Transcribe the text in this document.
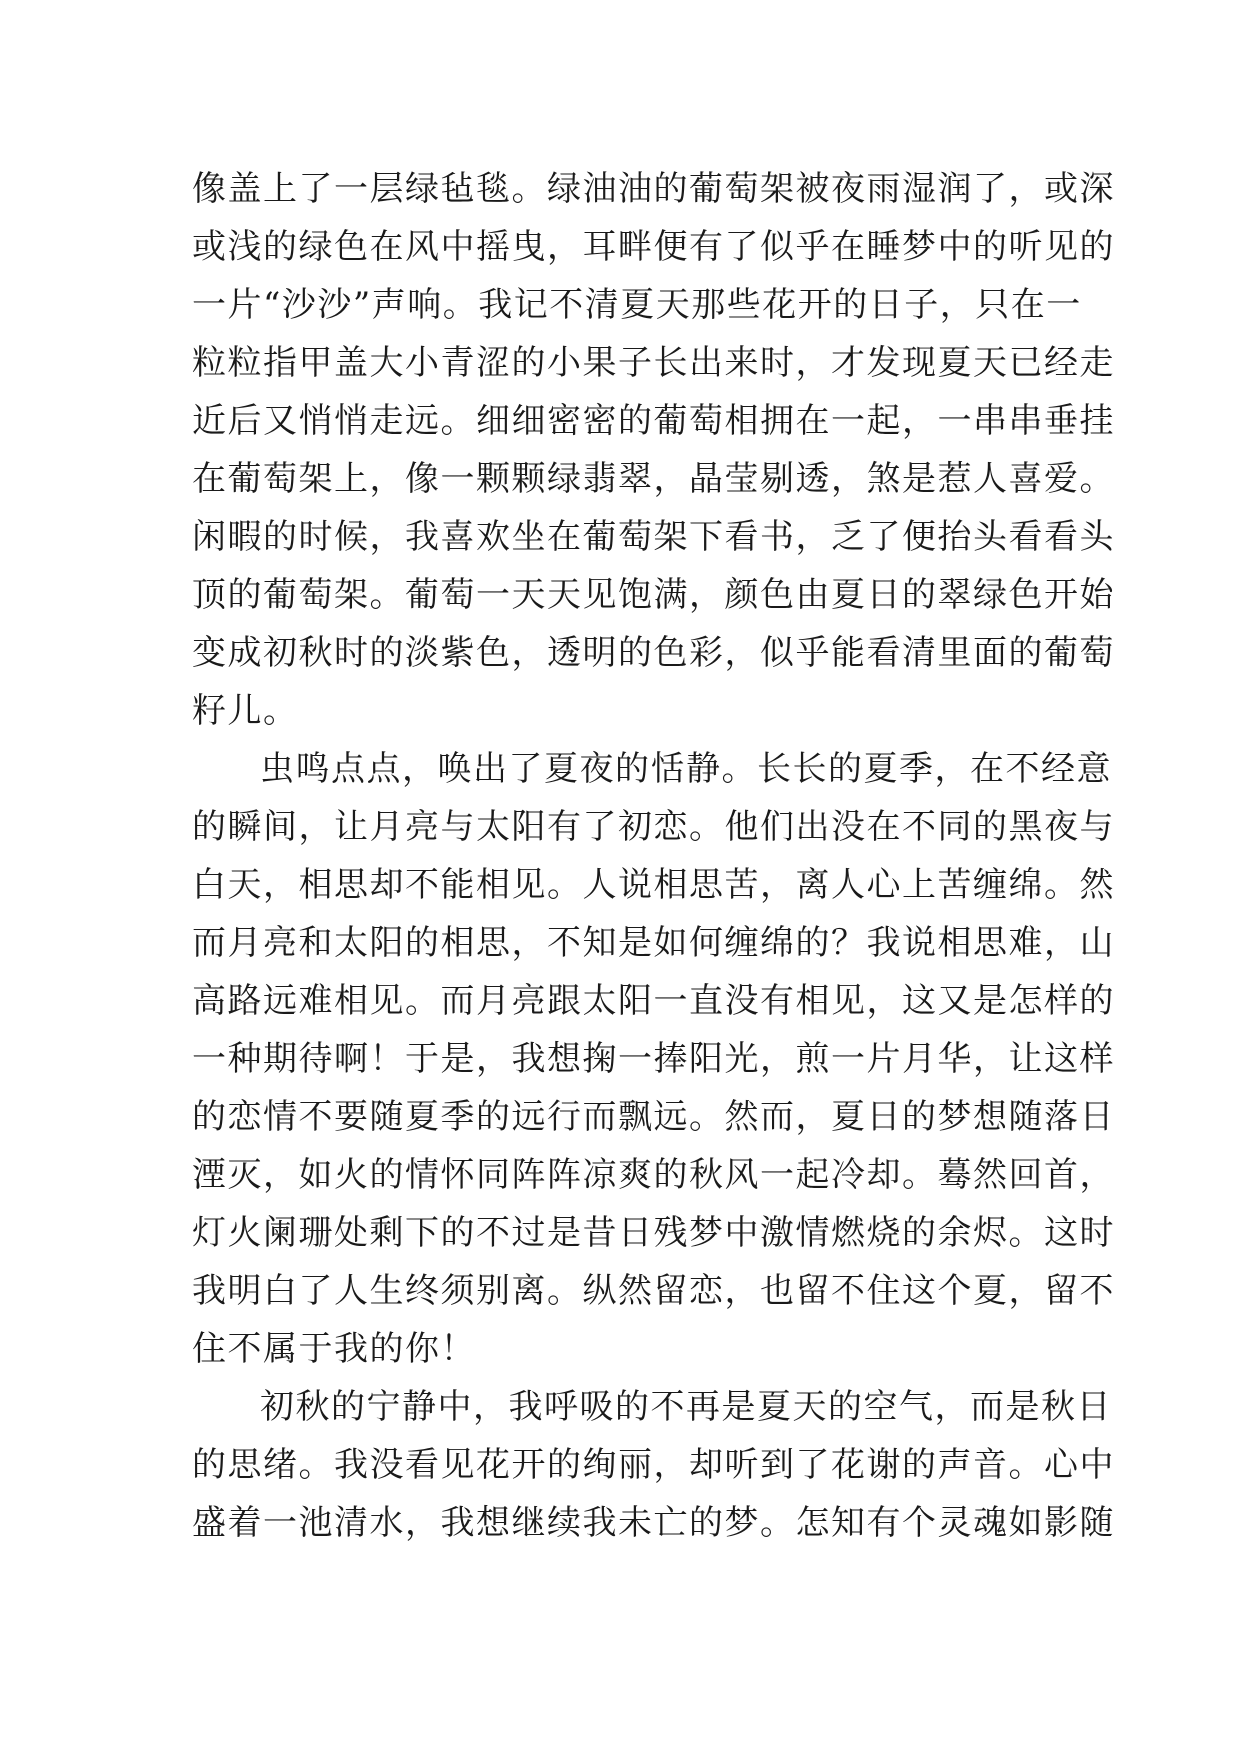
像盖上了一层绿毡毯。绿油油的葡萄架被夜雨湿润了，或深
或浅的绿色在风中摇曳，耳畔便有了似乎在睡梦中的听见的
一片“沙沙”声响。我记不清夏天那些花开的日子，只在一
粒粒指甲盖大小青涩的小果子长出来时，才发现夏天已经走
近后又悄悄走远。细细密密的葡萄相拥在一起，一串串垂挂
在葡萄架上，像一颗颗绿翡翠，晶莹剔透，煞是惹人喜爱。
闲暇的时候，我喜欢坐在葡萄架下看书，乏了便抬头看看头
顶的葡萄架。葡萄一天天见饱满，颜色由夏日的翠绿色开始
变成初秋时的淡紫色，透明的色彩，似乎能看清里面的葡萄
籽儿。
虫鸣点点，唤出了夏夜的恬静。长长的夏季，在不经意
的瞬间，让月亮与太阳有了初恋。他们出没在不同的黑夜与
白天，相思却不能相见。人说相思苦，离人心上苦缠绵。然
而月亮和太阳的相思，不知是如何缠绵的？我说相思难，山
高路远难相见。而月亮跟太阳一直没有相见，这又是怎样的
一种期待啊！于是，我想掬一捧阳光，煎一片月华，让这样
的恋情不要随夏季的远行而飘远。然而，夏日的梦想随落日
湮灭，如火的情怀同阵阵凉爽的秋风一起冷却。蓦然回首，
灯火阑珊处剩下的不过是昔日残梦中激情燃烧的余烬。这时
我明白了人生终须别离。纵然留恋，也留不住这个夏，留不
住不属于我的你！
初秋的宁静中，我呼吸的不再是夏天的空气，而是秋日
的思绪。我没看见花开的绚丽，却听到了花谢的声音。心中
盛着一池清水，我想继续我未亡的梦。怎知有个灵魂如影随
